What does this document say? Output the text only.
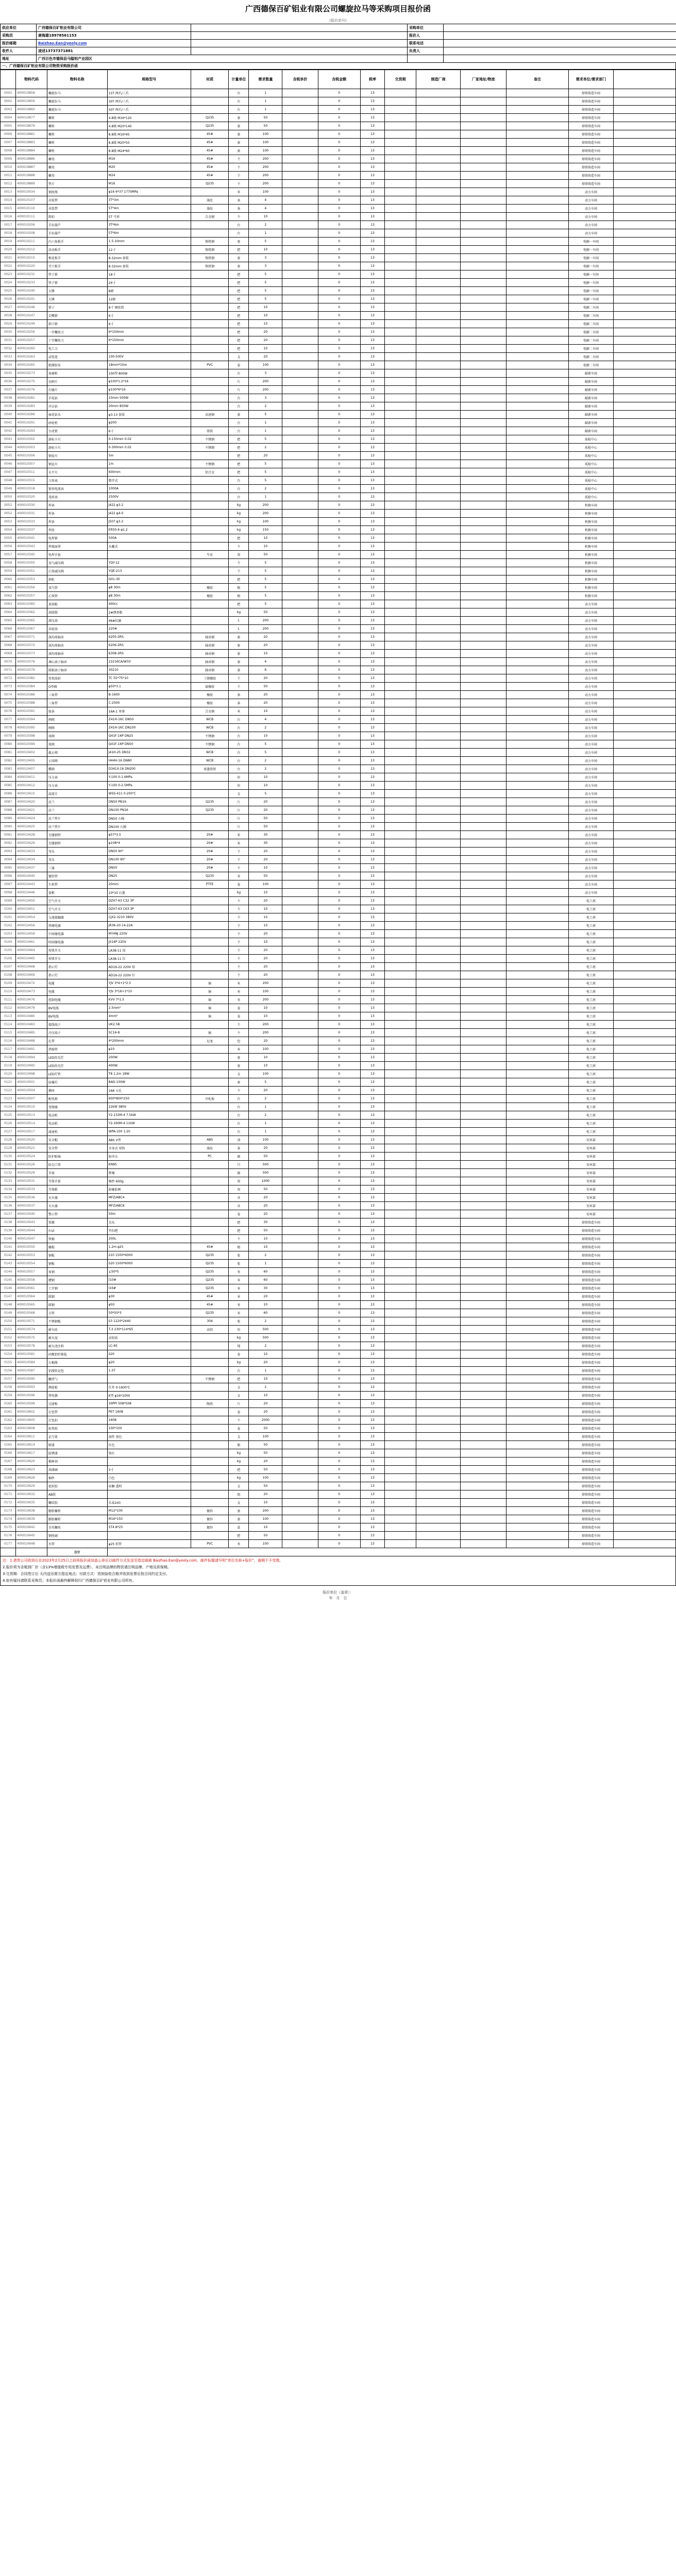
广西德保百矿铝业有限公司螺旋拉马等采购项目报价函
(报价单号)
供应单位	广西德保百矿铝业有限公司		采购单位	
采购员	唐海雄18978561153		报价人	
报价邮箱	Baizhao.Ean@yeoly.com		联系电话	
收件人	凌述13737371881		负责人	
地址	广西百色市德保县马隘铝产业园区			
一、广西德保百矿铝业有限公司物资采购报价函
	物料代码	物料名称	规格型号	材质	计量单位	需求数量	含税单价	含税金额	税率	交货期	制造厂商	厂家地址/物流	备注	需求单位/需求部门	
0001	400010858	螺旋拉马	15T 两爪/三爪		台	1		0	13					熔铸铸造车间	
0002	400010859	螺旋拉马	30T 两爪/三爪		台	1		0	13					熔铸铸造车间	
0003	400010860	螺旋拉马	50T 两爪/三爪		台	1		0	13					熔铸铸造车间	
0004	400010877	螺栓	4.8级 M16*120	Q235	套	50		0	13					熔铸铸造车间	
0005	400019879	螺栓	4.8级 M20*140	Q235	套	50		0	13					熔铸铸造车间	
0006	400019881	螺栓	8.8级 M16*45	45#	套	100		0	13					熔铸铸造车间	
0007	400019883	螺栓	8.8级 M20*50	45#	套	100		0	13					熔铸铸造车间	
0008	400019884	螺栓	8.8级 M24*60	45#	套	100		0	13					熔铸铸造车间	
0009	400019886	螺母	M16	45#	个	200		0	13					熔铸铸造车间	
0010	400019887	螺母	M20	45#	个	200		0	13					熔铸铸造车间	
0011	400019888	螺母	M24	45#	个	200		0	13					熔铸铸造车间	
0012	400019889	垫片	M16	Q235	个	200		0	13					熔铸铸造车间	
0013	400010034	钢丝绳	φ16 6*37 1770MPa		米	100		0	13					动力车间	
0014	400010107	吊装带	3T*3m	涤纶	条	4		0	13					动力车间	
0015	400010110	吊装带	5T*4m	涤纶	条	4		0	13					动力车间	
0016	400010111	卸扣	5T 弓形	合金钢	个	10		0	13					动力车间	
0017	400010206	手拉葫芦	3T*6m		台	2		0	13					动力车间	
0018	400010208	手拉葫芦	5T*6m		台	1		0	13					动力车间	
0019	400010211	内六角扳手	1.5-10mm	铬钒钢	套	5		0	13					电解一车间	
0020	400010212	活动扳手	12寸	铬钒钢	把	10		0	13					电解一车间	
0021	400010215	梅花扳手	8-32mm 套装	铬钒钢	套	3		0	13					电解一车间	
0022	400010220	开口扳手	8-32mm 套装	铬钒钢	套	3		0	13					电解一车间	
0023	400010231	管子钳	18寸		把	5		0	13					电解一车间	
0024	400010233	管子钳	24寸		把	5		0	13					电解一车间	
0025	400010240	大锤	8磅		把	5		0	13					电解一车间	
0026	400010241	大锤	12磅		把	5		0	13					电解一车间	
0027	400010246	钳子	8寸 钢丝钳		把	10		0	13					电解二车间	
0028	400010247	尖嘴钳	6寸		把	10		0	13					电解二车间	
0029	400010249	斜口钳	6寸		把	10		0	13					电解二车间	
0030	400010256	一字螺丝刀	6*150mm		把	20		0	13					电解二车间	
0031	400010257	十字螺丝刀	6*150mm		把	20		0	13					电解二车间	
0032	400010260	电工刀			把	10		0	13					电解二车间	
0033	400010263	试电笔	100-500V		支	20		0	13					电解二车间	
0034	400010265	绝缘胶布	18mm*10m	PVC	卷	100		0	13					电解二车间	
0035	400010273	角磨机	100型 800W		台	3		0	13					碳素车间	
0036	400010275	切割片	φ100*1.2*16		片	200		0	13					碳素车间	
0037	400010276	打磨片	φ100*6*16		片	200		0	13					碳素车间	
0038	400010281	手电钻	10mm 500W		台	3		0	13					碳素车间	
0039	400010283	冲击钻	20mm 850W		台	2		0	13					碳素车间	
0040	400010286	麻花钻头	φ3-13 套装	高速钢	套	5		0	13					碳素车间	
0041	400010291	砂轮机	φ200		台	1		0	13					碳素车间	
0042	400010293	台虎钳	6寸	铸铁	台	1		0	13					碳素车间	
0043	400010302	游标卡尺	0-150mm 0.02	不锈钢	把	5		0	13					质检中心	
0044	400010303	游标卡尺	0-300mm 0.02	不锈钢	把	2		0	13					质检中心	
0045	400010306	钢卷尺	5m		把	20		0	13					质检中心	
0046	400010307	钢直尺	1m	不锈钢	把	5		0	13					质检中心	
0047	400010311	水平尺	600mm	铝合金	把	5		0	13					质检中心	
0048	400010315	万用表	数字式		台	5		0	13					质检中心	
0049	400010318	钳形电流表	1000A		台	2		0	13					质检中心	
0050	400010320	兆欧表	2500V		台	1		0	13					质检中心	
0051	400010330	焊条	J422 φ3.2		kg	200		0	13					机修车间	
0052	400010331	焊条	J422 φ4.0		kg	200		0	13					机修车间	
0053	400010333	焊条	J507 φ3.2		kg	100		0	13					机修车间	
0054	400010337	焊丝	ER50-6 φ1.2		kg	150		0	13					机修车间	
0055	400010341	电焊钳	500A		把	10		0	13					机修车间	
0056	400010343	焊接面罩	头戴式		个	10		0	13					机修车间	
0057	400010345	电焊手套		牛皮	双	50		0	13					机修车间	
0058	400010350	氧气减压阀	YQY-12		个	5		0	13					机修车间	
0059	400010351	乙炔减压阀	YQE-213		个	5		0	13					机修车间	
0060	400010353	割炬	G01-30		把	5		0	13					机修车间	
0061	400010356	氧气管	φ8 30m	橡胶	根	5		0	13					机修车间	
0062	400010357	乙炔管	φ8 30m	橡胶	根	5		0	13					机修车间	
0063	400010360	黄油枪	400cc		把	5		0	13					动力车间	
0064	400010362	润滑脂	2#锂基脂		kg	50		0	13					动力车间	
0065	400010365	液压油	46#抗磨		L	200		0	13					动力车间	
0066	400010367	齿轮油	220#		L	200		0	13					动力车间	
0067	400010371	深沟球轴承	6205-2RS	轴承钢	套	20		0	13					动力车间	
0068	400010372	深沟球轴承	6206-2RS	轴承钢	套	20		0	13					动力车间	
0069	400010373	深沟球轴承	6308-2RS	轴承钢	套	10		0	13					动力车间	
0070	400010376	调心滚子轴承	22216CA/W33	轴承钢	套	4		0	13					动力车间	
0071	400010379	圆锥滚子轴承	30210	轴承钢	套	6		0	13					动力车间	
0072	400010382	骨架油封	TC 55*75*10	丁腈橡胶	个	20		0	13					动力车间	
0073	400010384	O型圈	φ50*3.1	氟橡胶	个	50		0	13					动力车间	
0074	400010386	三角带	B-1600	橡胶	条	20		0	13					动力车间	
0075	400010388	三角带	C-2500	橡胶	条	20		0	13					动力车间	
0076	400010391	链条	16A-1 单排	合金钢	米	10		0	13					动力车间	
0077	400010394	闸阀	Z41H-16C DN50	WCB	台	4		0	13					动力车间	
0078	400010395	闸阀	Z41H-16C DN100	WCB	台	2		0	13					动力车间	
0079	400010398	球阀	Q41F-16P DN25	不锈钢	台	10		0	13					动力车间	
0080	400010399	球阀	Q41F-16P DN50	不锈钢	台	5		0	13					动力车间	
0081	400010402	截止阀	J41H-25 DN32	WCB	台	5		0	13					动力车间	
0082	400010405	止回阀	H44H-16 DN80	WCB	台	2		0	13					动力车间	
0083	400010407	蝶阀	D341X-16 DN200	球墨铸铁	台	2		0	13					动力车间	
0084	400010411	压力表	Y-100 0-1.6MPa		块	10		0	13					动力车间	
0085	400010412	压力表	Y-100 0-2.5MPa		块	10		0	13					动力车间	
0086	400010415	温度计	WSS-411 0-200℃		支	5		0	13					动力车间	
0087	400010420	法兰	DN50 PN16	Q235	片	20		0	13					动力车间	
0088	400010421	法兰	DN100 PN16	Q235	片	20		0	13					动力车间	
0089	400010424	法兰垫片	DN50 石棉		片	50		0	13					动力车间	
0090	400010425	法兰垫片	DN100 石棉		片	50		0	13					动力车间	
0091	400010428	无缝钢管	φ57*3.5	20#	米	30		0	13					动力车间	
0092	400010429	无缝钢管	φ108*4	20#	米	30		0	13					动力车间	
0093	400010433	弯头	DN50 90°	20#	个	20		0	13					动力车间	
0094	400010434	弯头	DN100 90°	20#	个	20		0	13					动力车间	
0095	400010437	三通	DN50	20#	个	10		0	13					动力车间	
0096	400010440	镀锌管	DN25	Q235	米	50		0	13					动力车间	
0097	400010443	生料带	20mm	PTFE	卷	100		0	13					动力车间	
0098	400010446	盘根	10*10 石墨		kg	10		0	13					动力车间	
0099	400010450	空气开关	DZ47-63 C32 3P		个	20		0	13					电工班	
0100	400010451	空气开关	DZ47-63 C63 3P		个	10		0	13					电工班	
0101	400010454	交流接触器	CJX2-3210 380V		个	10		0	13					电工班	
0102	400010456	热继电器	JR36-20 14-22A		个	10		0	13					电工班	
0103	400010459	中间继电器	MY4NJ 220V		个	20		0	13					电工班	
0104	400010461	时间继电器	JS14P 220V		个	10		0	13					电工班	
0105	400010464	按钮开关	LA38-11 绿		个	20		0	13					电工班	
0106	400010465	按钮开关	LA38-11 红		个	20		0	13					电工班	
0107	400010468	指示灯	AD16-22 220V 绿		个	20		0	13					电工班	
0108	400010469	指示灯	AD16-22 220V 红		个	20		0	13					电工班	
0109	400010472	电缆	YJV 3*4+1*2.5	铜	米	200		0	13					电工班	
0110	400010473	电缆	YJV 3*16+1*10	铜	米	100		0	13					电工班	
0111	400010476	控制电缆	KVV 7*1.5	铜	米	200		0	13					电工班	
0112	400010479	BV电线	2.5mm²	铜	卷	10		0	13					电工班	
0113	400010480	BV电线	4mm²	铜	卷	10		0	13					电工班	
0114	400010483	接线端子	UK2.5B		个	200		0	13					电工班	
0115	400010485	冷压端子	SC16-8	铜	个	200		0	13					电工班	
0116	400010488	扎带	4*200mm	尼龙	包	20		0	13					电工班	
0117	400010491	热缩管	φ10		米	100		0	13					电工班	
0118	400010494	LED投光灯	200W		套	10		0	13					电工班	
0119	400010495	LED投光灯	400W		套	10		0	13					电工班	
0120	400010498	LED灯管	T8 1.2m 18W		支	100		0	13					电工班	
0121	400010501	防爆灯	BAD-100W		套	5		0	13					电工班	
0122	400010504	插座	16A 五孔		个	20		0	13					电工班	
0123	400010507	配电箱	600*800*250	冷轧板	台	2		0	13					电工班	
0124	400010510	变频器	22kW 380V		台	1		0	13					电工班	
0125	400010513	电动机	Y2-132M-4 7.5kW		台	2		0	13					电工班	
0126	400010514	电动机	Y2-160M-4 11kW		台	1		0	13					电工班	
0127	400010517	减速机	WPA-100 1:20		台	1		0	13					电工班	
0128	400010520	安全帽	ABS V型	ABS	顶	100		0	13					安环部	
0129	400010521	安全带	全身式 双钩	涤纶	条	20		0	13					安环部	
0130	400010524	防护眼镜	防冲击	PC	副	50		0	13					安环部	
0131	400010526	防尘口罩	KN95		只	500		0	13					安环部	
0132	400010529	耳塞	降噪		副	500		0	13					安环部	
0133	400010531	劳保手套	棉纱 600g		双	1000		0	13					安环部	
0134	400010533	劳保鞋	防砸防刺		双	50		0	13					安环部	
0135	400010536	灭火器	MFZ/ABC4		具	20		0	13					安环部	
0136	400010537	灭火器	MFZ/ABC8		具	20		0	13					安环部	
0137	400010540	警示带	50m		卷	20		0	13					安环部	
0138	400010543	铁锹	尖头		把	30		0	13					熔铸铸造车间	
0139	400010544	扫帚	竹扫把		把	50		0	13					熔铸铸造车间	
0140	400010547	铁桶	200L		个	10		0	13					熔铸铸造车间	
0141	400010550	撬棍	1.2m φ25	45#	根	10		0	13					熔铸铸造车间	
0142	400010553	钢板	δ10 1500*6000	Q235	张	2		0	13					熔铸铸造车间	
0143	400010554	钢板	δ20 1500*6000	Q235	张	1		0	13					熔铸铸造车间	
0144	400010557	角钢	∠50*5	Q235	米	60		0	13					熔铸铸造车间	
0145	400010558	槽钢	[10#	Q235	米	60		0	13					熔铸铸造车间	
0146	400010561	工字钢	I16#	Q235	米	30		0	13					熔铸铸造车间	
0147	400010564	圆钢	φ30	45#	米	20		0	13					熔铸铸造车间	
0148	400010565	圆钢	φ50	45#	米	10		0	13					熔铸铸造车间	
0149	400010568	方管	50*50*3	Q235	米	60		0	13					熔铸铸造车间	
0150	400010571	不锈钢板	δ3 1220*2440	304	张	2		0	13					熔铸铸造车间	
0151	400010574	耐火砖	T-3 230*114*65	高铝	块	500		0	13					熔铸铸造车间	
0152	400010575	耐火泥	高铝质		kg	500		0	13					熔铸铸造车间	
0153	400010578	耐火浇注料	LC-65		吨	2		0	13					熔铸铸造车间	
0154	400010581	硅酸铝纤维毡	δ20		卷	10		0	13					熔铸铸造车间	
0155	400010584	石棉绳	φ20		kg	20		0	13					熔铸铸造车间	
0156	400010587	铝液转运包	1.5T		台	1		0	13					熔铸铸造车间	
0157	400010590	撇渣勺		不锈钢	把	10		0	13					熔铸铸造车间	
0158	400010593	测温枪	红外 0-1600℃		支	2		0	13					熔铸铸造车间	
0159	400010596	热电偶	K型 φ16*1000		支	10		0	13					熔铸铸造车间	
0160	400010599	过滤板	30PPI 508*508	陶瓷	片	20		0	13					熔铸铸造车间	
0161	400010602	打包带	PET 1608		卷	20		0	13					熔铸铸造车间	
0162	400010605	打包扣	1608		个	2000		0	13					熔铸铸造车间	
0163	400010608	标签纸	100*100		卷	50		0	13					熔铸铸造车间	
0164	400010611	记号笔	油性 黑色		支	100		0	13					熔铸铸造车间	
0165	400010614	喷漆	红色		瓶	50		0	13					熔铸铸造车间	
0166	400010617	防锈漆	铁红		kg	50		0	13					熔铸铸造车间	
0167	400010620	稀释剂			kg	20		0	13					熔铸铸造车间	
0168	400010623	油漆刷	3寸		把	50		0	13					熔铸铸造车间	
0169	400010626	棉纱	白色		kg	100		0	13					熔铸铸造车间	
0170	400010629	密封胶	硅酮 透明		支	50		0	13					熔铸铸造车间	
0171	400010632	AB胶			组	20		0	13					熔铸铸造车间	
0172	400010635	螺纹胶	乐泰243		支	10		0	13					熔铸铸造车间	
0173	400010638	膨胀螺栓	M12*100	镀锌	套	200		0	13					熔铸铸造车间	
0174	400010639	膨胀螺栓	M16*150	镀锌	套	100		0	13					熔铸铸造车间	
0175	400010642	自攻螺丝	ST4.8*25	镀锌	盒	10		0	13					熔铸铸造车间	
0176	400010645	钢丝刷			把	50		0	13					熔铸铸造车间	
0177	400010648	水管	φ25 软管	PVC	米	100		0	13					熔铸铸造车间	
		合计													
注：1.请贵公司收到后在2023年2月25日之前将报价函加盖公章后以邮件方式发送至指定邮箱 Baizhao.Ean@yeoly.com，邮件标题请写明“单位名称+报价”，逾期不予受理。
2.报价须为含税到厂价（含13%增值税专用发票及运费），未注明品牌的物资请注明品牌、产地及质保期。
3.交货期：合同签订后 天内送达需方指定地点；付款方式：货到验收合格并收到发票后按合同约定支付。
4.如有疑问请联系采购员；本报价函最终解释权归广西德保百矿铝业有限公司所有。
报价单位（盖章）：
年　月　日
